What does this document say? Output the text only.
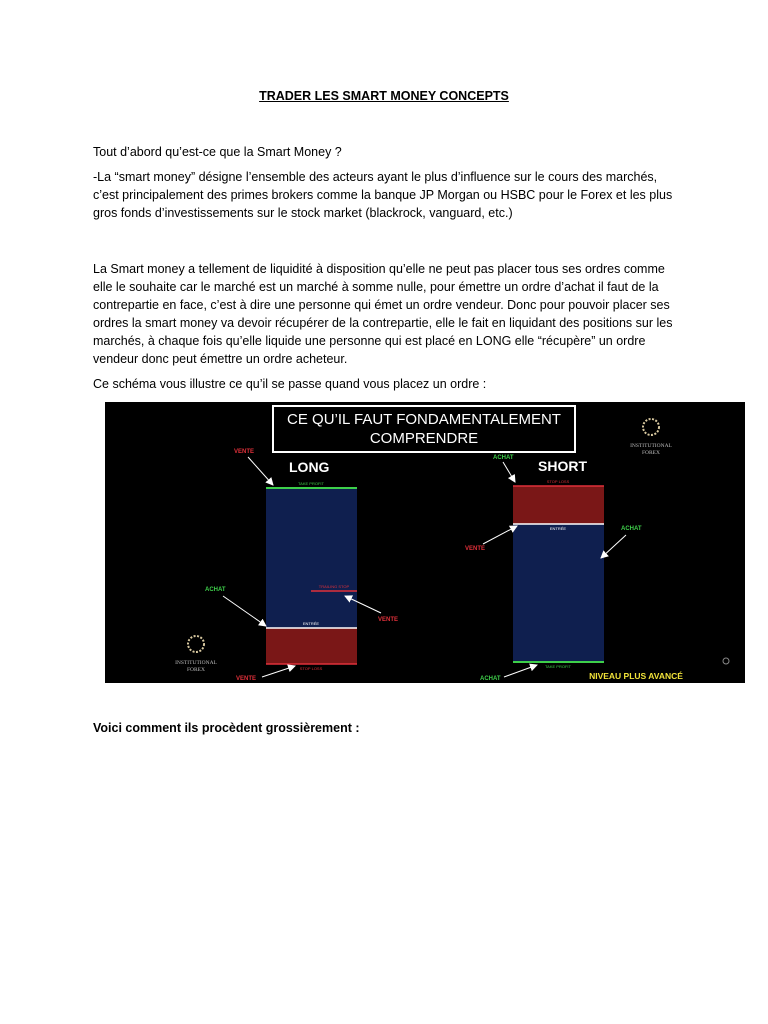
TRADER LES SMART MONEY CONCEPTS

Tout d’abord qu’est-ce que la Smart Money ?

-La “smart money” désigne l’ensemble des acteurs ayant le plus d’influence sur le cours des marchés, c’est principalement des primes brokers comme la banque JP Morgan ou HSBC pour le Forex et les plus gros fonds d’investissements sur le stock market (blackrock, vanguard, etc.)

La Smart money a tellement de liquidité à disposition qu’elle ne peut pas placer tous ses ordres comme elle le souhaite car le marché est un marché à somme nulle, pour émettre un ordre d’achat il faut de la contrepartie en face, c’est à dire une personne qui émet un ordre vendeur. Donc pour pouvoir placer ses ordres la smart money va devoir récupérer de la contrepartie, elle le fait en liquidant des positions sur les marchés, à chaque fois qu’elle liquide une personne qui est placé en LONG elle “récupère” un ordre vendeur donc peut émettre un ordre acheteur.

Ce schéma vous illustre ce qu’il se passe quand vous placez un ordre :

CE QU’IL FAUT FONDAMENTALEMENT
COMPRENDRE	INSTITUTIONAL
FOREX
INSTITUTIONAL
FOREX
LONG
TAKE PROFIT
TRAILING STOP
ENTRÉE
STOP LOSS
VENTE
ACHAT
VENTE
VENTE
SHORT
STOP LOSS
ENTRÉE
TAKE PROFIT
ACHAT
VENTE
ACHAT
ACHAT	NIVEAU PLUS AVANCÉ

Voici comment ils procèdent grossièrement :
